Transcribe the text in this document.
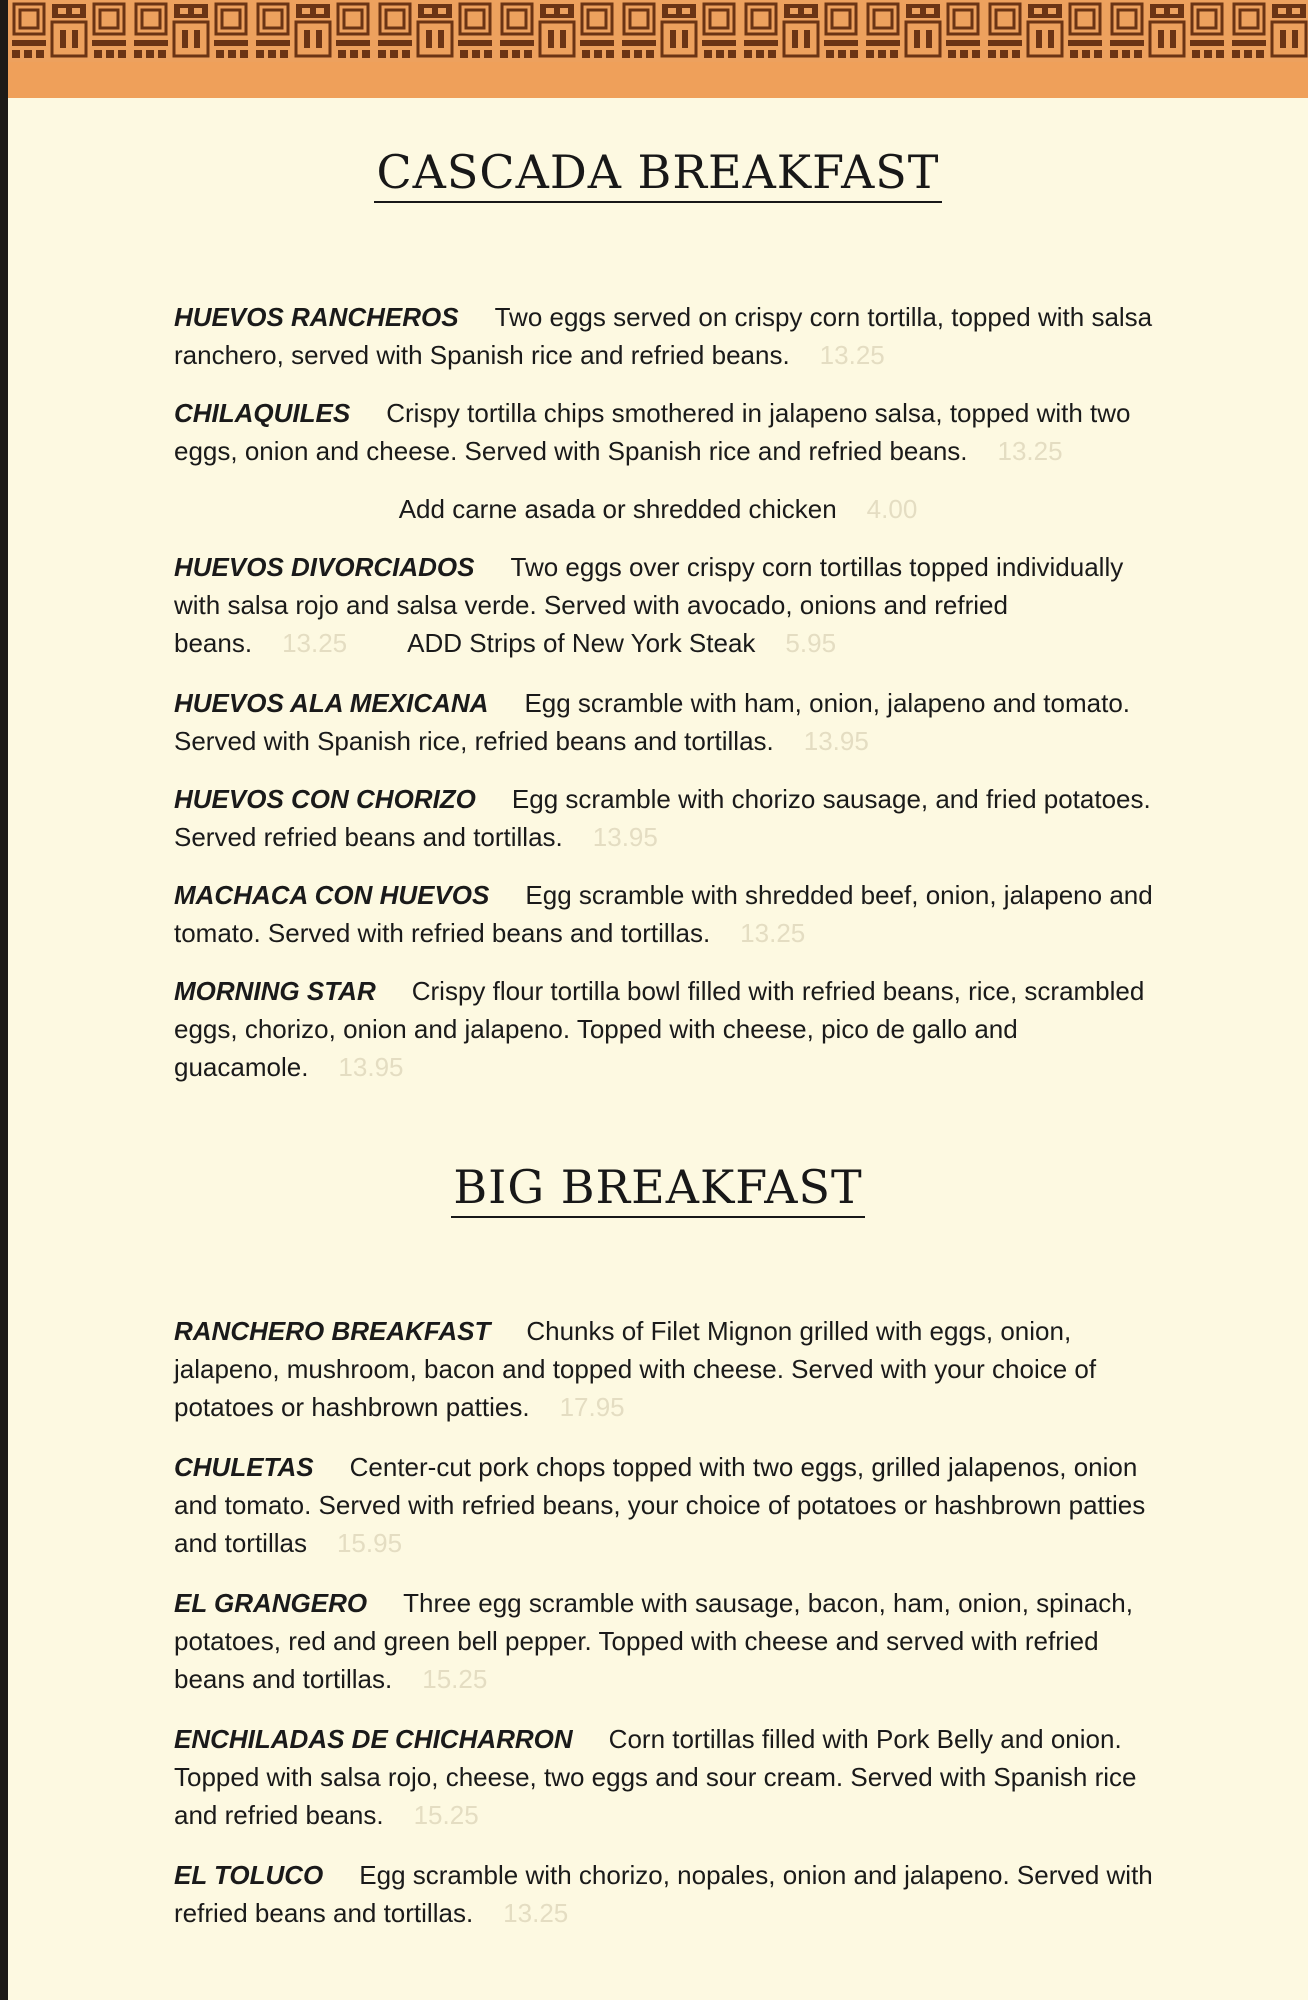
CASCADA BREAKFAST

HUEVOS RANCHEROS Two eggs served on crispy corn tortilla, topped with salsa ranchero, served with Spanish rice and refried beans. 13.25

CHILAQUILES Crispy tortilla chips smothered in jalapeno salsa, topped with two eggs, onion and cheese. Served with Spanish rice and refried beans. 13.25

Add carne asada or shredded chicken 4.00

HUEVOS DIVORCIADOS Two eggs over crispy corn tortillas topped individually with salsa rojo and salsa verde. Served with avocado, onions and refried beans. 13.25 ADD Strips of New York Steak 5.95

HUEVOS ALA MEXICANA Egg scramble with ham, onion, jalapeno and tomato. Served with Spanish rice, refried beans and tortillas. 13.95

HUEVOS CON CHORIZO Egg scramble with chorizo sausage, and fried potatoes. Served refried beans and tortillas. 13.95

MACHACA CON HUEVOS Egg scramble with shredded beef, onion, jalapeno and tomato. Served with refried beans and tortillas. 13.25

MORNING STAR Crispy flour tortilla bowl filled with refried beans, rice, scrambled eggs, chorizo, onion and jalapeno. Topped with cheese, pico de gallo and guacamole. 13.95

BIG BREAKFAST

RANCHERO BREAKFAST Chunks of Filet Mignon grilled with eggs, onion, jalapeno, mushroom, bacon and topped with cheese. Served with your choice of potatoes or hashbrown patties. 17.95

CHULETAS Center-cut pork chops topped with two eggs, grilled jalapenos, onion and tomato. Served with refried beans, your choice of potatoes or hashbrown patties and tortillas 15.95

EL GRANGERO Three egg scramble with sausage, bacon, ham, onion, spinach, potatoes, red and green bell pepper. Topped with cheese and served with refried beans and tortillas. 15.25

ENCHILADAS DE CHICHARRON Corn tortillas filled with Pork Belly and onion. Topped with salsa rojo, cheese, two eggs and sour cream. Served with Spanish rice and refried beans. 15.25

EL TOLUCO Egg scramble with chorizo, nopales, onion and jalapeno. Served with refried beans and tortillas. 13.25
